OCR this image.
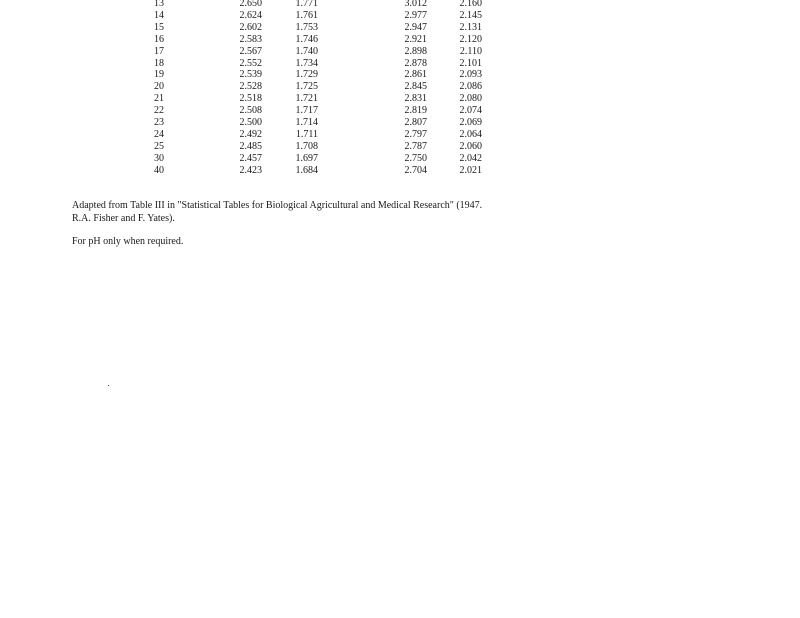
13	2.650	1.771	3.012	2.160
14	2.624	1.761	2.977	2.145
15	2.602	1.753	2.947	2.131
16	2.583	1.746	2.921	2.120
17	2.567	1.740	2.898	2.110
18	2.552	1.734	2.878	2.101
19	2.539	1.729	2.861	2.093
20	2.528	1.725	2.845	2.086
21	2.518	1.721	2.831	2.080
22	2.508	1.717	2.819	2.074
23	2.500	1.714	2.807	2.069
24	2.492	1.711	2.797	2.064
25	2.485	1.708	2.787	2.060
30	2.457	1.697	2.750	2.042
40	2.423	1.684	2.704	2.021
Adapted from Table III in "Statistical Tables for Biological Agricultural and Medical Research" (1947.
R.A. Fisher and F. Yates).
For pH only when required.
